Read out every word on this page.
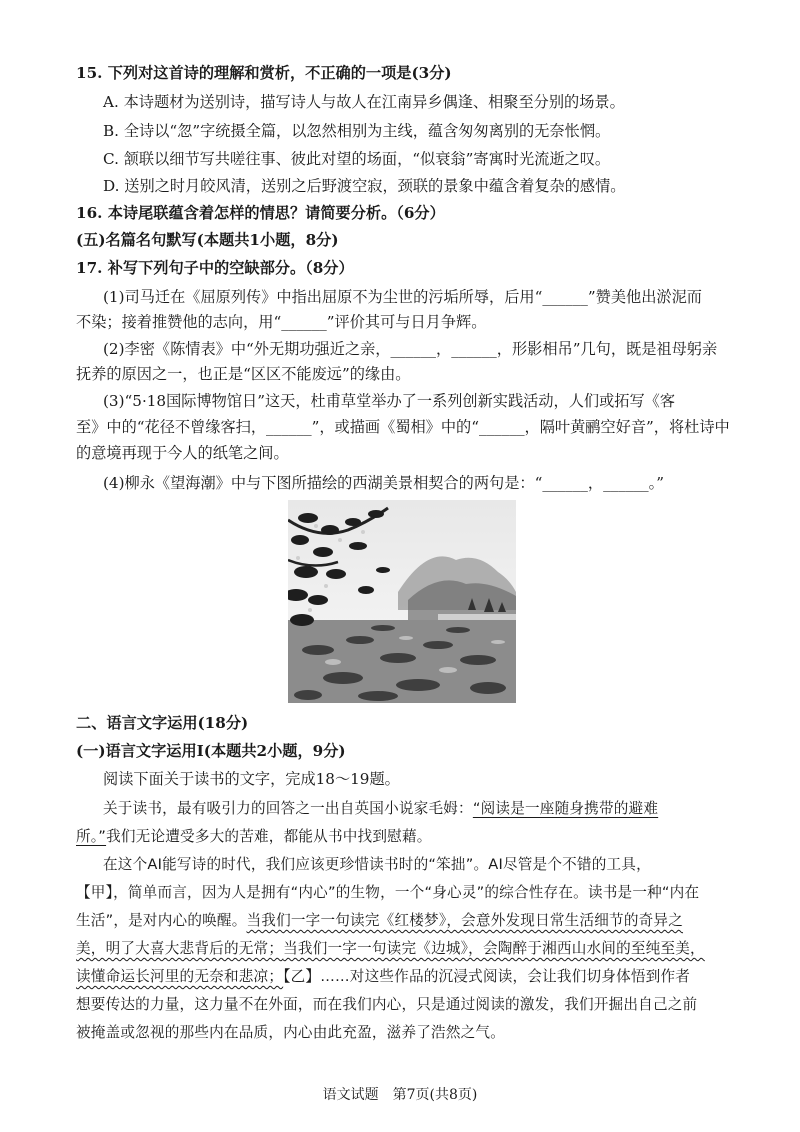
15. 下列对这首诗的理解和赏析，不正确的一项是(3分)
A. 本诗题材为送别诗，描写诗人与故人在江南异乡偶逢、相聚至分别的场景。
B. 全诗以“忽”字统摄全篇，以忽然相别为主线，蕴含匆匆离别的无奈怅惘。
C. 颔联以细节写共嗟往事、彼此对望的场面，“似衰翁”寄寓时光流逝之叹。
D. 送别之时月皎风清，送别之后野渡空寂，颈联的景象中蕴含着复杂的感情。
16. 本诗尾联蕴含着怎样的情思？请简要分析。（6分）
(五)名篇名句默写(本题共1小题，8分)
17. 补写下列句子中的空缺部分。（8分）
(1)司马迁在《屈原列传》中指出屈原不为尘世的污垢所辱，后用“______”赞美他出淤泥而
不染；接着推赞他的志向，用“______”评价其可与日月争辉。
(2)李密《陈情表》中“外无期功强近之亲，______，______，形影相吊”几句，既是祖母躬亲
抚养的原因之一，也正是“区区不能废远”的缘由。
(3)“5·18国际博物馆日”这天，杜甫草堂举办了一系列创新实践活动，人们或拓写《客
至》中的“花径不曾缘客扫，______”，或描画《蜀相》中的“______，隔叶黄鹂空好音”，将杜诗中
的意境再现于今人的纸笔之间。
(4)柳永《望海潮》中与下图所描绘的西湖美景相契合的两句是：“______，______。”
二、语言文字运用(18分)
(一)语言文字运用Ⅰ(本题共2小题，9分)
阅读下面关于读书的文字，完成18～19题。
关于读书，最有吸引力的回答之一出自英国小说家毛姆：“阅读是一座随身携带的避难
所。”我们无论遭受多大的苦难，都能从书中找到慰藉。
在这个AI能写诗的时代，我们应该更珍惜读书时的“笨拙”。AI尽管是个不错的工具，
【甲】，简单而言，因为人是拥有“内心”的生物，一个“身心灵”的综合性存在。读书是一种“内在
生活”，是对内心的唤醒。当我们一字一句读完《红楼梦》，会意外发现日常生活细节的奇异之
美，明了大喜大悲背后的无常；当我们一字一句读完《边城》，会陶醉于湘西山水间的至纯至美，
读懂命运长河里的无奈和悲凉；【乙】……对这些作品的沉浸式阅读，会让我们切身体悟到作者
想要传达的力量，这力量不在外面，而在我们内心，只是通过阅读的激发，我们开掘出自己之前
被掩盖或忽视的那些内在品质，内心由此充盈，滋养了浩然之气。
语文试题　第7页(共8页)
